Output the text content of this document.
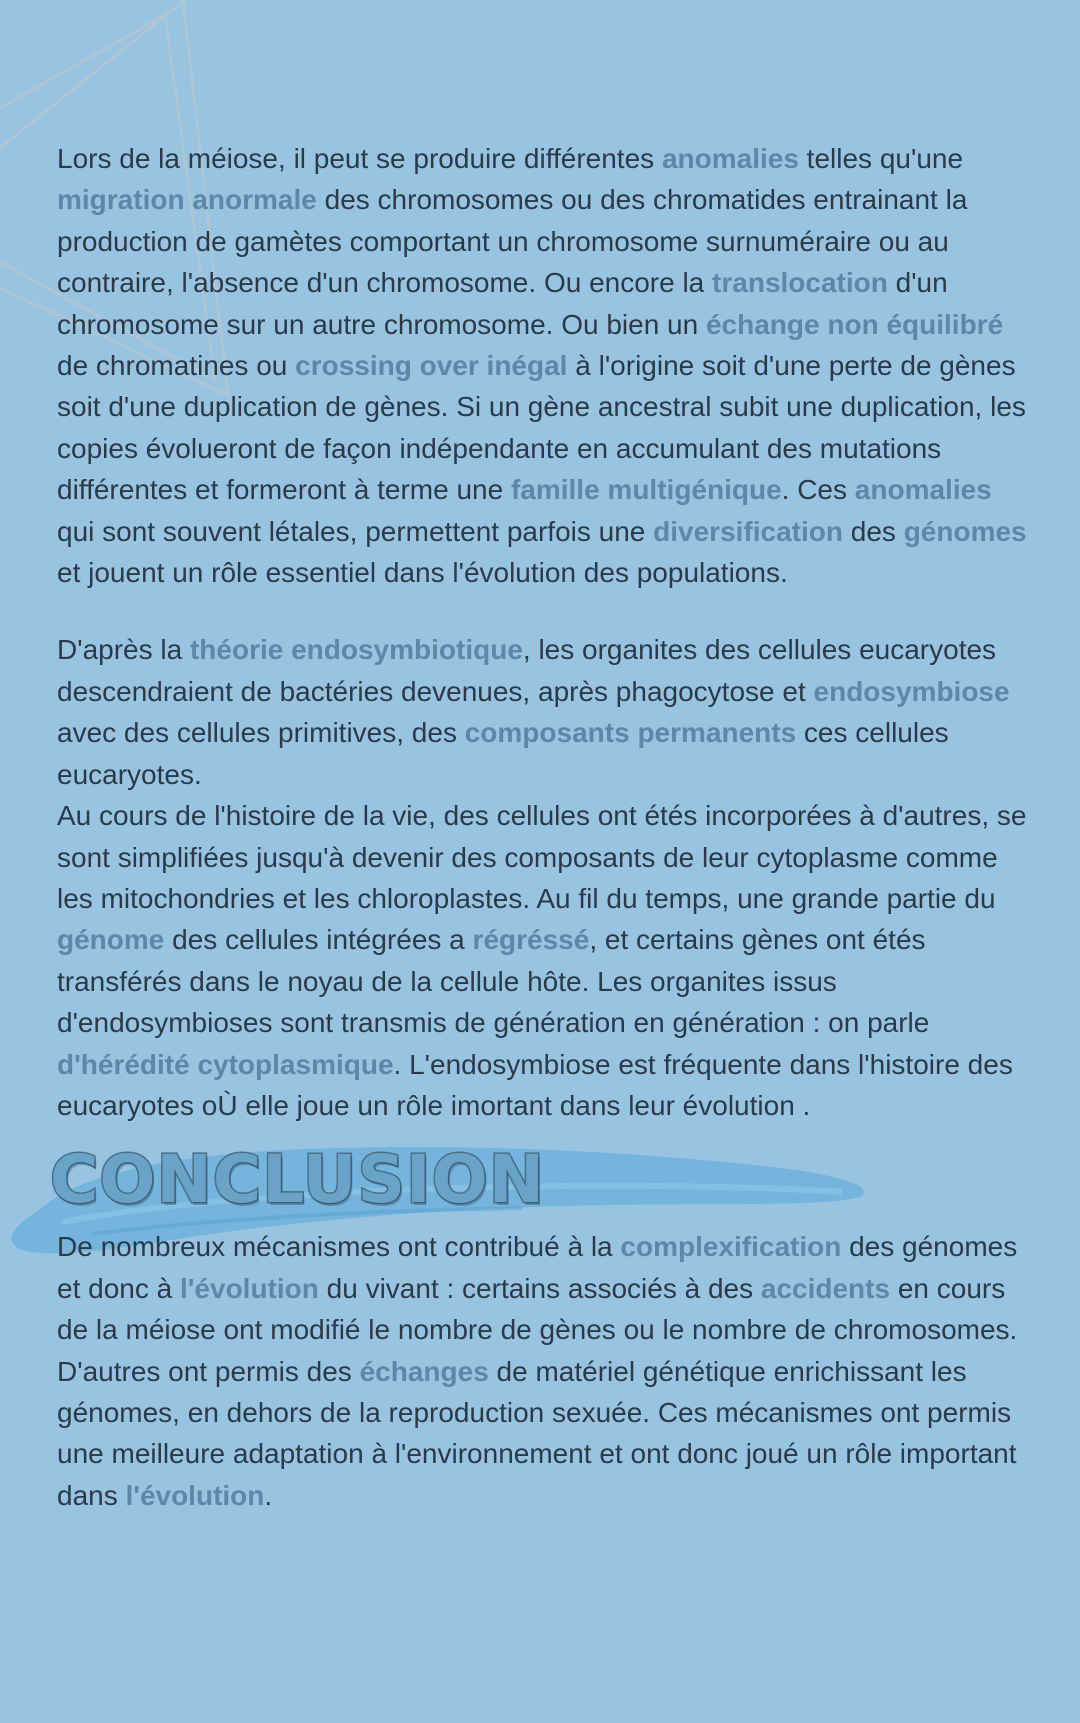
Lors de la méiose, il peut se produire différentes anomalies telles qu'une migration anormale des chromosomes ou des chromatides entrainant la production de gamètes comportant un chromosome surnuméraire ou au contraire, l'absence d'un chromosome. Ou encore la translocation d'un chromosome sur un autre chromosome. Ou bien un échange non équilibré de chromatines ou crossing over inégal à l'origine soit d'une perte de gènes soit d'une duplication de gènes. Si un gène ancestral subit une duplication, les copies évolueront de façon indépendante en accumulant des mutations différentes et formeront à terme une famille multigénique. Ces anomalies qui sont souvent létales, permettent parfois une diversification des génomes et jouent un rôle essentiel dans l'évolution des populations.

D'après la théorie endosymbiotique, les organites des cellules eucaryotes descendraient de bactéries devenues, après phagocytose et endosymbiose avec des cellules primitives, des composants permanents ces cellules eucaryotes.

Au cours de l'histoire de la vie, des cellules ont étés incorporées à d'autres, se sont simplifiées jusqu'à devenir des composants de leur cytoplasme comme les mitochondries et les chloroplastes. Au fil du temps, une grande partie du génome des cellules intégrées a régréssé, et certains gènes ont étés transférés dans le noyau de la cellule hôte. Les organites issus d'endosymbioses sont transmis de génération en génération : on parle d'hérédité cytoplasmique. L'endosymbiose est fréquente dans l'histoire des eucaryotes oÙ elle joue un rôle imortant dans leur évolution .

CONCLUSION

De nombreux mécanismes ont contribué à la complexification des génomes et donc à l'évolution du vivant : certains associés à des accidents en cours de la méiose ont modifié le nombre de gènes ou le nombre de chromosomes. D'autres ont permis des échanges de matériel génétique enrichissant les génomes, en dehors de la reproduction sexuée. Ces mécanismes ont permis une meilleure adaptation à l'environnement et ont donc joué un rôle important dans l'évolution.
